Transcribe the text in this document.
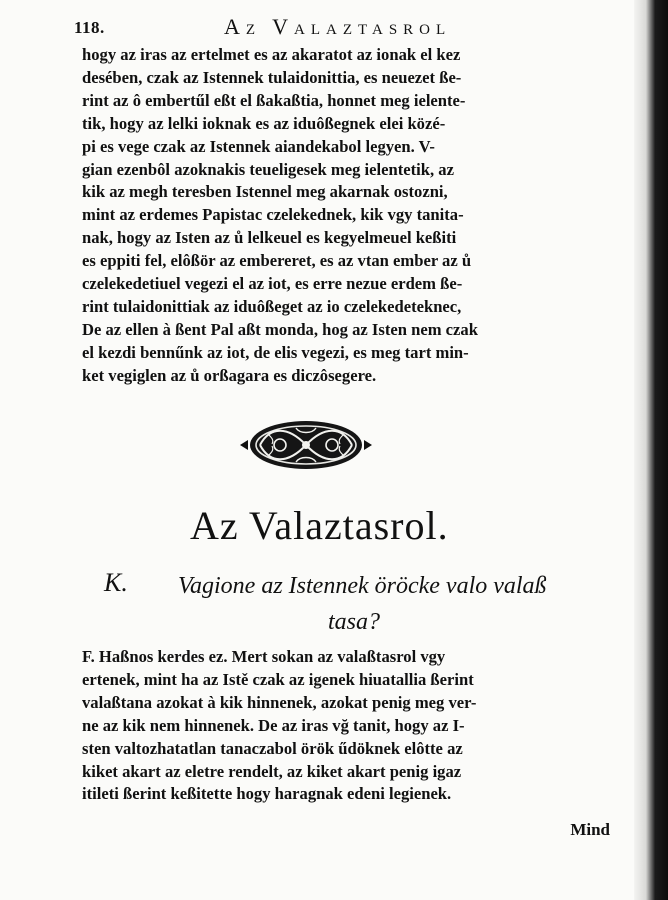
118.	Az Valaztasrol

hogy az iras az ertelmet es az akaratot az ionak el kez
desében, czak az Istennek tulaidonittia, es neuezet ße-
rint az ô embertűl eßt el ßakaßtia, honnet meg ielente-
tik, hogy az lelki ioknak es az iduôßegnek elei közé-
pi es vege czak az Istennek aiandekabol legyen. V-
gian ezenbôl azoknakis teueligesek meg ielentetik, az
kik az megh teresben Istennel meg akarnak ostozni,
mint az erdemes Papistac czelekednek, kik vgy tanita-
nak, hogy az Isten az ů lelkeuel es kegyelmeuel keßiti
es eppiti fel, elôßör az embereret, es az vtan ember az ů
czelekedetiuel vegezi el az iot, es erre nezue erdem ße-
rint tulaidonittiak az iduôßeget az io czelekedeteknec,
De az ellen à ßent Pal aßt monda, hog az Isten nem czak
el kezdi bennűnk az iot, de elis vegezi, es meg tart min-
ket vegiglen az ů orßagara es diczôsegere.

Az Valaztasrol.
K. Vagione az Istennek öröcke valo valaß
tasa?

F. Haßnos kerdes ez. Mert sokan az valaßtasrol vgy
ertenek, mint ha az Istě czak az igenek hiuatallia ßerint
valaßtana azokat à kik hinnenek, azokat penig meg ver-
ne az kik nem hinnenek. De az iras vğ tanit, hogy az I-
sten valtozhatatlan tanaczabol örök űdöknek elôtte az
kiket akart az eletre rendelt, az kiket akart penig igaz
itileti ßerint keßitette hogy haragnak edeni legienek.

Mind
